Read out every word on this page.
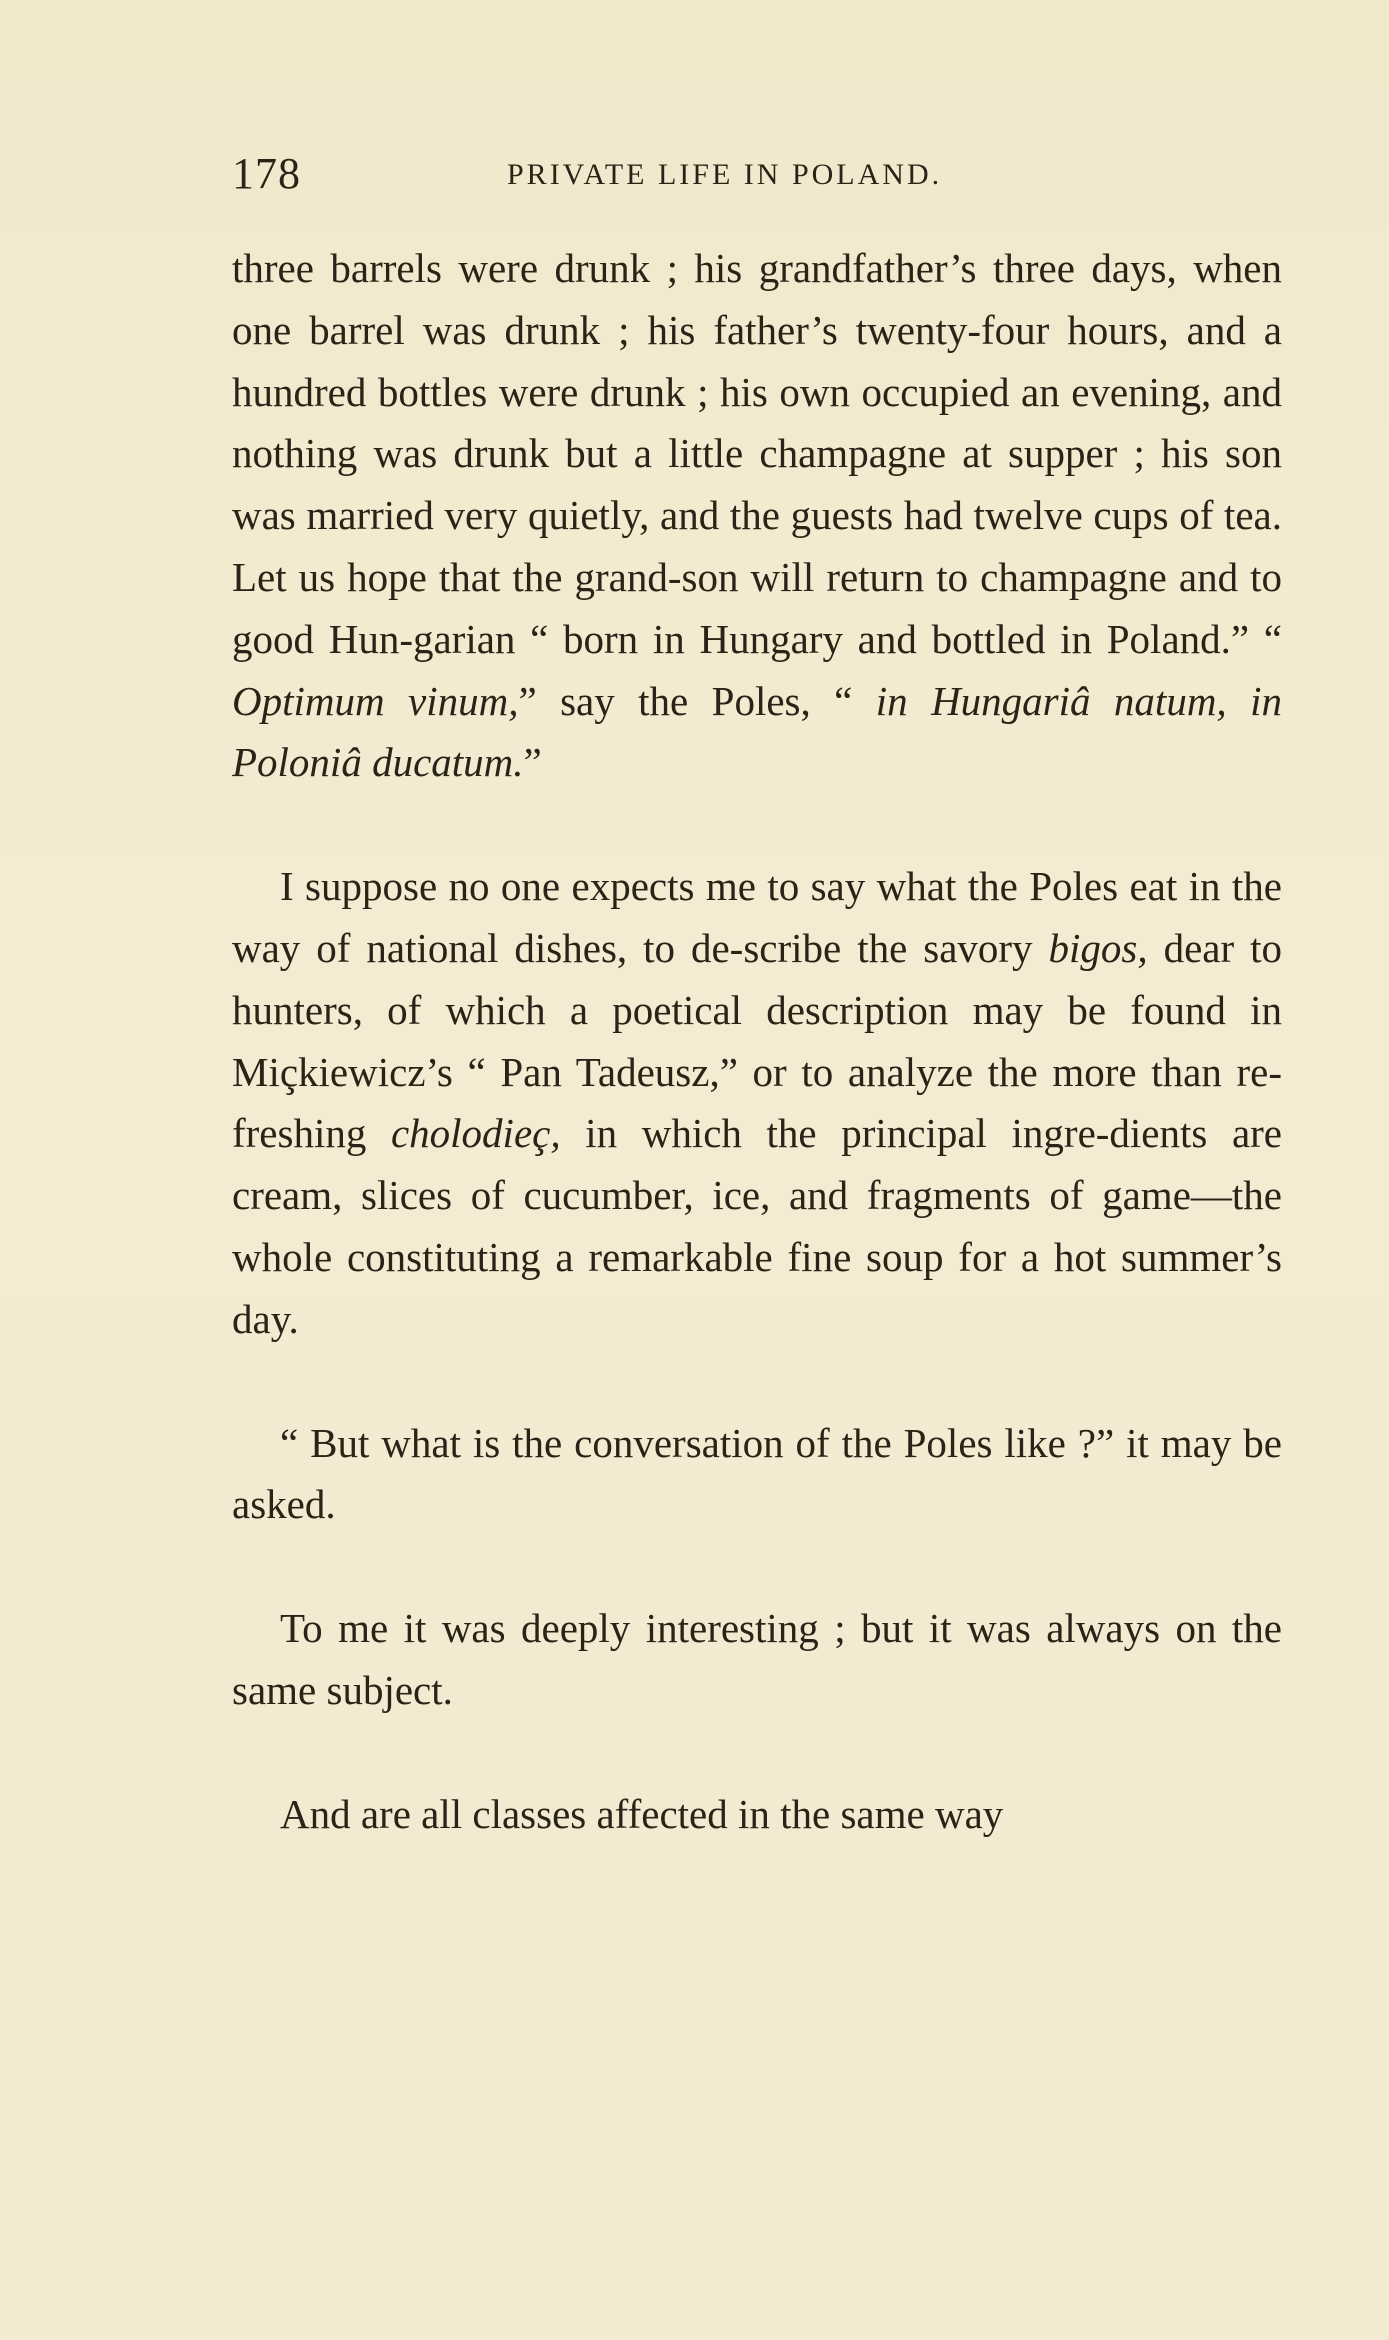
178	PRIVATE LIFE IN POLAND.

three barrels were drunk ; his grandfather’s three days, when one barrel was drunk ; his father’s twenty-four hours, and a hundred bottles were drunk ; his own occupied an evening, and nothing was drunk but a little champagne at supper ; his son was married very quietly, and the guests had twelve cups of tea. Let us hope that the grand-son will return to champagne and to good Hun-garian “ born in Hungary and bottled in Poland.” “ Optimum vinum,” say the Poles, “ in Hungariâ natum, in Poloniâ ducatum.”

I suppose no one expects me to say what the Poles eat in the way of national dishes, to de-scribe the savory bigos, dear to hunters, of which a poetical description may be found in Miçkiewicz’s “ Pan Tadeusz,” or to analyze the more than re-freshing cholodieç, in which the principal ingre-dients are cream, slices of cucumber, ice, and fragments of game—the whole constituting a remarkable fine soup for a hot summer’s day.

“ But what is the conversation of the Poles like ?” it may be asked.

To me it was deeply interesting ; but it was always on the same subject.

And are all classes affected in the same way
